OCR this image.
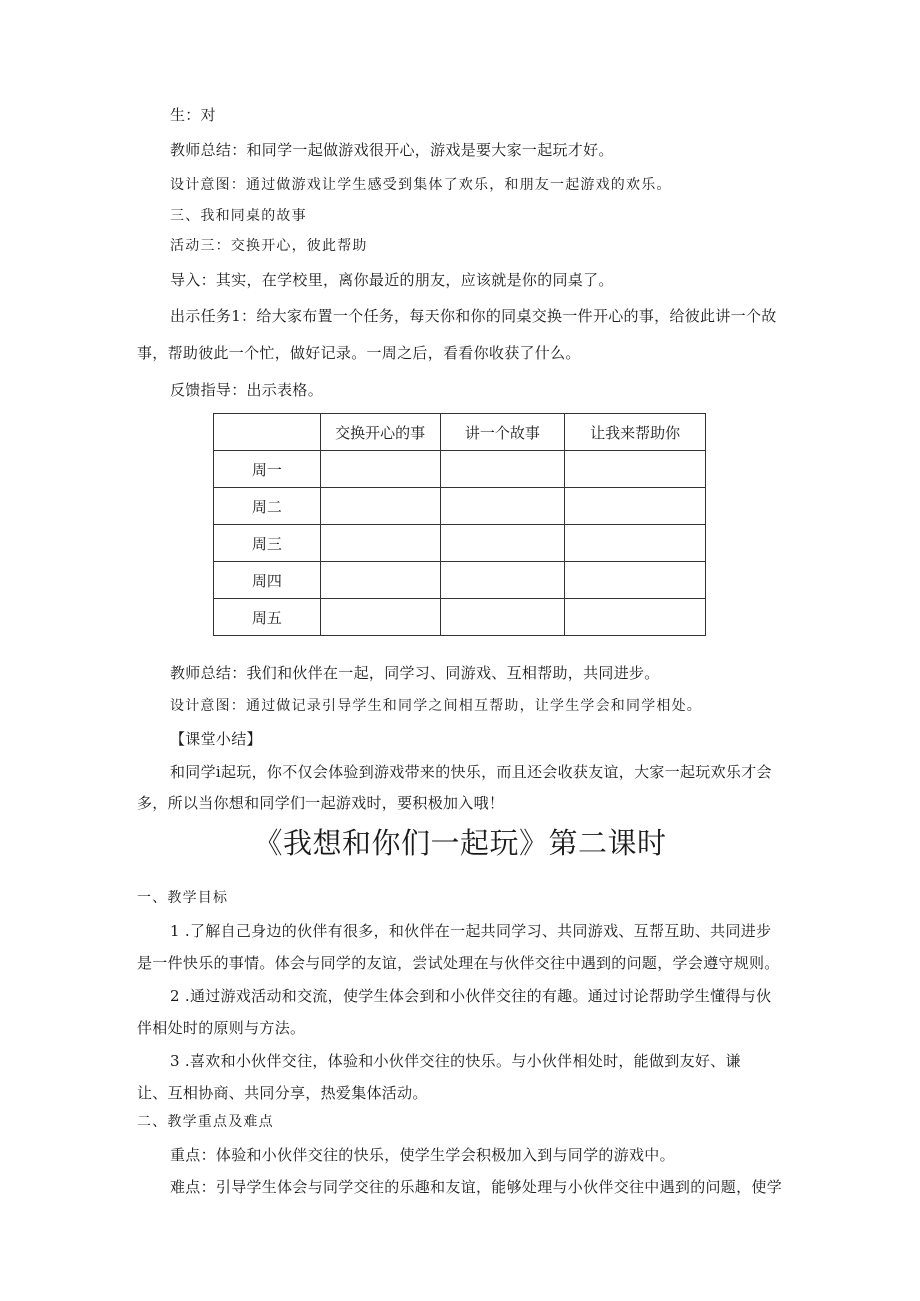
生：对
教师总结：和同学一起做游戏很开心，游戏是要大家一起玩才好。
设计意图：通过做游戏让学生感受到集体了欢乐，和朋友一起游戏的欢乐。
三、我和同桌的故事
活动三：交换开心，彼此帮助
导入：其实，在学校里，离你最近的朋友，应该就是你的同桌了。
出示任务1：给大家布置一个任务，每天你和你的同桌交换一件开心的事，给彼此讲一个故
事，帮助彼此一个忙，做好记录。一周之后，看看你收获了什么。
反馈指导：出示表格。
	交换开心的事	讲一个故事	让我来帮助你
周一			
周二			
周三			
周四			
周五			
教师总结：我们和伙伴在一起，同学习、同游戏、互相帮助，共同进步。
设计意图：通过做记录引导学生和同学之间相互帮助，让学生学会和同学相处。
【课堂小结】
和同学i起玩，你不仅会体验到游戏带来的快乐，而且还会收获友谊，大家一起玩欢乐才会
多，所以当你想和同学们一起游戏时，要积极加入哦！
《我想和你们一起玩》第二课时
一、教学目标
1 .了解自己身边的伙伴有很多，和伙伴在一起共同学习、共同游戏、互帮互助、共同进步
是一件快乐的事情。体会与同学的友谊，尝试处理在与伙伴交往中遇到的问题，学会遵守规则。
2 .通过游戏活动和交流，使学生体会到和小伙伴交往的有趣。通过讨论帮助学生懂得与伙
伴相处时的原则与方法。
3 .喜欢和小伙伴交往，体验和小伙伴交往的快乐。与小伙伴相处时，能做到友好、谦
让、互相协商、共同分享，热爱集体活动。
二、教学重点及难点
重点：体验和小伙伴交往的快乐，使学生学会积极加入到与同学的游戏中。
难点：引导学生体会与同学交往的乐趣和友谊，能够处理与小伙伴交往中遇到的问题，使学
